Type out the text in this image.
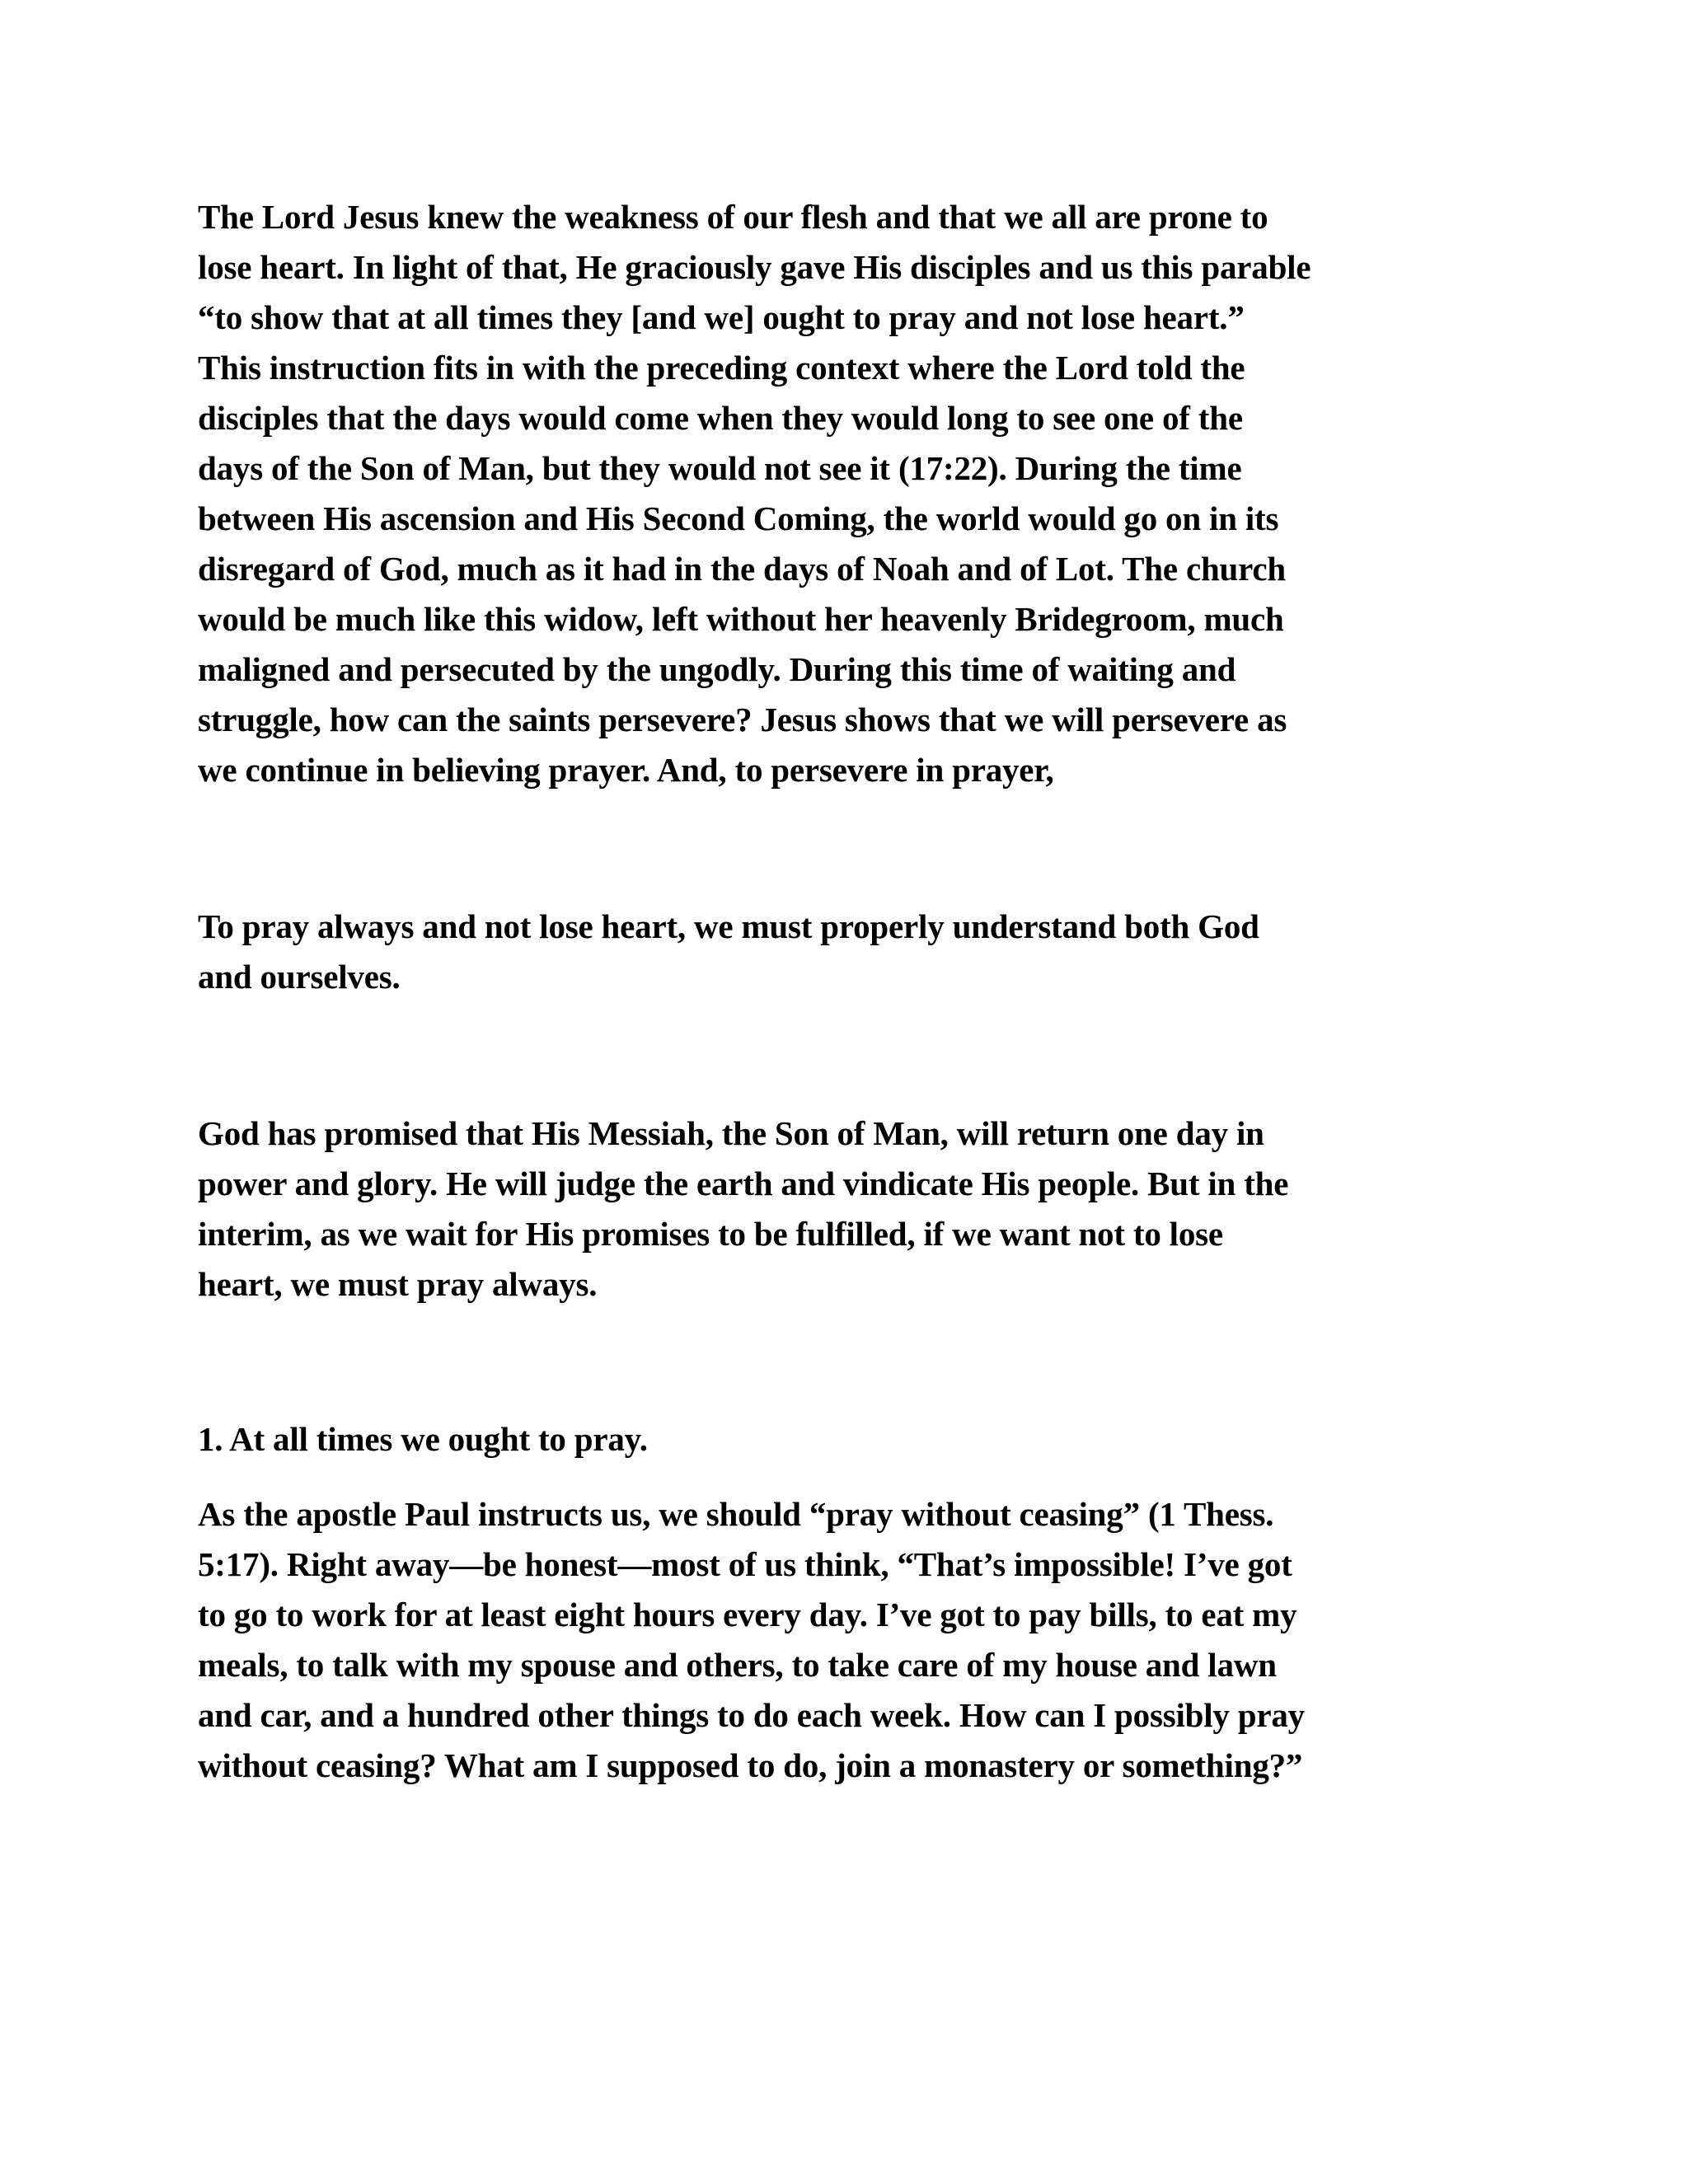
The Lord Jesus knew the weakness of our flesh and that we all are prone to
lose heart. In light of that, He graciously gave His disciples and us this parable
“to show that at all times they [and we] ought to pray and not lose heart.”
This instruction fits in with the preceding context where the Lord told the
disciples that the days would come when they would long to see one of the
days of the Son of Man, but they would not see it (17:22). During the time
between His ascension and His Second Coming, the world would go on in its
disregard of God, much as it had in the days of Noah and of Lot. The church
would be much like this widow, left without her heavenly Bridegroom, much
maligned and persecuted by the ungodly. During this time of waiting and
struggle, how can the saints persevere? Jesus shows that we will persevere as
we continue in believing prayer. And, to persevere in prayer,
To pray always and not lose heart, we must properly understand both God
and ourselves.
God has promised that His Messiah, the Son of Man, will return one day in
power and glory. He will judge the earth and vindicate His people. But in the
interim, as we wait for His promises to be fulfilled, if we want not to lose
heart, we must pray always.
1. At all times we ought to pray.
As the apostle Paul instructs us, we should “pray without ceasing” (1 Thess.
5:17). Right away—be honest—most of us think, “That’s impossible! I’ve got
to go to work for at least eight hours every day. I’ve got to pay bills, to eat my
meals, to talk with my spouse and others, to take care of my house and lawn
and car, and a hundred other things to do each week. How can I possibly pray
without ceasing? What am I supposed to do, join a monastery or something?”
